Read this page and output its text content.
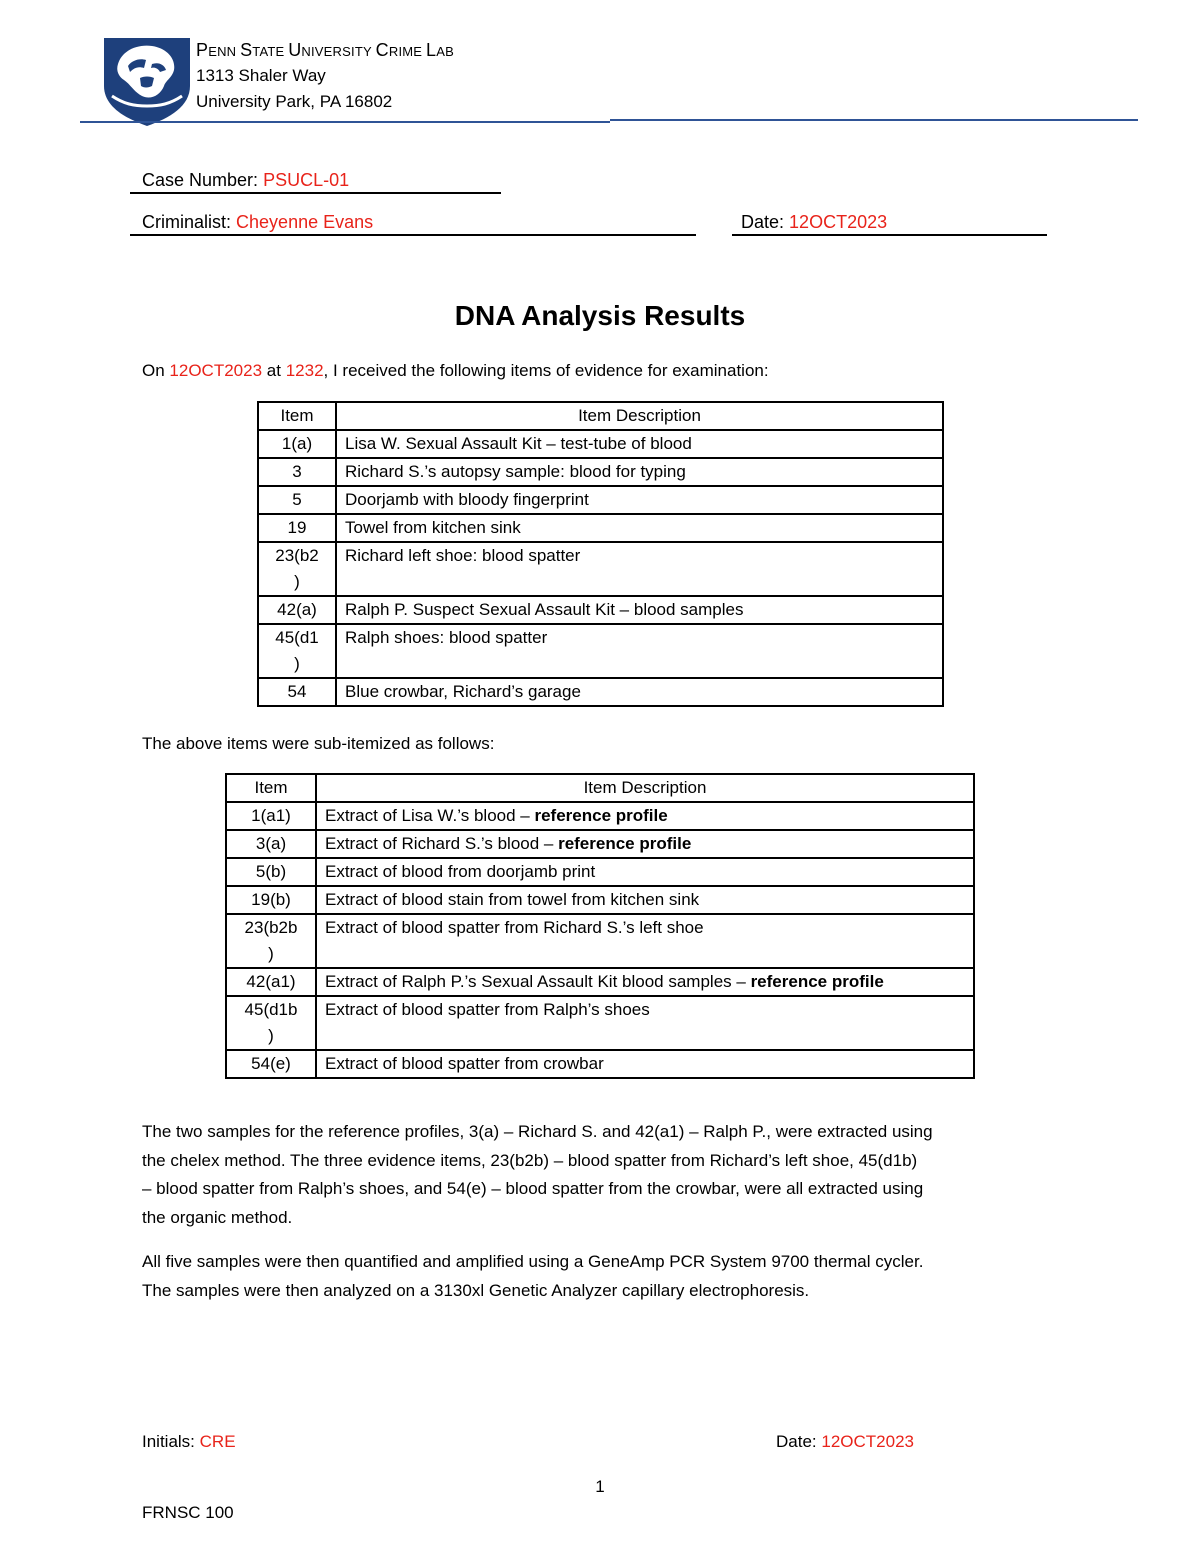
PENN STATE UNIVERSITY CRIME LAB
1313 Shaler Way
University Park, PA 16802
Case Number: PSUCL-01
Criminalist: Cheyenne Evans	Date: 12OCT2023
DNA Analysis Results
On 12OCT2023 at 1232, I received the following items of evidence for examination:
Item	Item Description
1(a)	Lisa W. Sexual Assault Kit – test-tube of blood
3	Richard S.’s autopsy sample: blood for typing
5	Doorjamb with bloody fingerprint
19	Towel from kitchen sink
23(b2
)	Richard left shoe: blood spatter
42(a)	Ralph P. Suspect Sexual Assault Kit – blood samples
45(d1
)	Ralph shoes: blood spatter
54	Blue crowbar, Richard’s garage
The above items were sub-itemized as follows:
Item	Item Description
1(a1)	Extract of Lisa W.’s blood – reference profile
3(a)	Extract of Richard S.’s blood – reference profile
5(b)	Extract of blood from doorjamb print
19(b)	Extract of blood stain from towel from kitchen sink
23(b2b
)	Extract of blood spatter from Richard S.’s left shoe
42(a1)	Extract of Ralph P.’s Sexual Assault Kit blood samples – reference profile
45(d1b
)	Extract of blood spatter from Ralph’s shoes
54(e)	Extract of blood spatter from crowbar
The two samples for the reference profiles, 3(a) – Richard S. and 42(a1) – Ralph P., were extracted using
the chelex method. The three evidence items, 23(b2b) – blood spatter from Richard’s left shoe, 45(d1b)
– blood spatter from Ralph’s shoes, and 54(e) – blood spatter from the crowbar, were all extracted using
the organic method.
All five samples were then quantified and amplified using a GeneAmp PCR System 9700 thermal cycler.
The samples were then analyzed on a 3130xl Genetic Analyzer capillary electrophoresis.
Initials: CRE	Date: 12OCT2023
1
FRNSC 100
